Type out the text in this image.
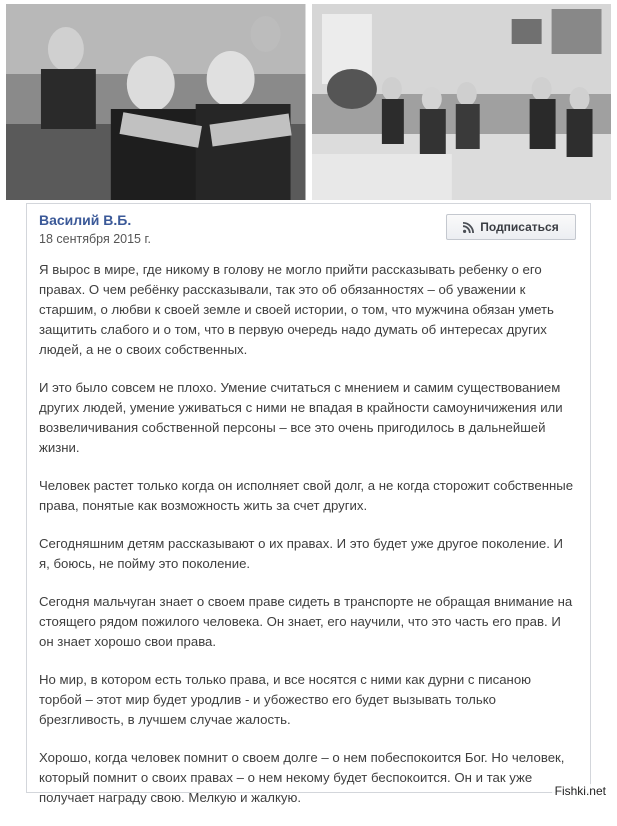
Василий В.Б.
18 сентября 2015 г.
Подписаться

Я вырос в мире, где никому в голову не могло прийти рассказывать ребенку о его правах. О чем ребёнку рассказывали, так это об обязанностях – об уважении к старшим, о любви к своей земле и своей истории, о том, что мужчина обязан уметь защитить слабого и о том, что в первую очередь надо думать об интересах других людей, а не о своих собственных.

И это было совсем не плохо. Умение считаться с мнением и самим существованием других людей, умение уживаться с ними не впадая в крайности самоуничижения или возвеличивания собственной персоны – все это очень пригодилось в дальнейшей жизни.

Человек растет только когда он исполняет свой долг, а не когда сторожит собственные права, понятые как возможность жить за счет других.

Сегодняшним детям рассказывают о их правах. И это будет уже другое поколение. И я, боюсь, не пойму это поколение.

Сегодня мальчуган знает о своем праве сидеть в транспорте не обращая внимание на стоящего рядом пожилого человека. Он знает, его научили, что это часть его прав. И он знает хорошо свои права.

Но мир, в котором есть только права, и все носятся с ними как дурни с писаною торбой – этот мир будет уродлив - и убожество его будет вызывать только брезгливость, в лучшем случае жалость.

Хорошо, когда человек помнит о своем долге – о нем побеспокоится Бог. Но человек, который помнит о своих правах – о нем некому будет беспокоится. Он и так уже получает награду свою. Мелкую и жалкую.	Fishki.net
